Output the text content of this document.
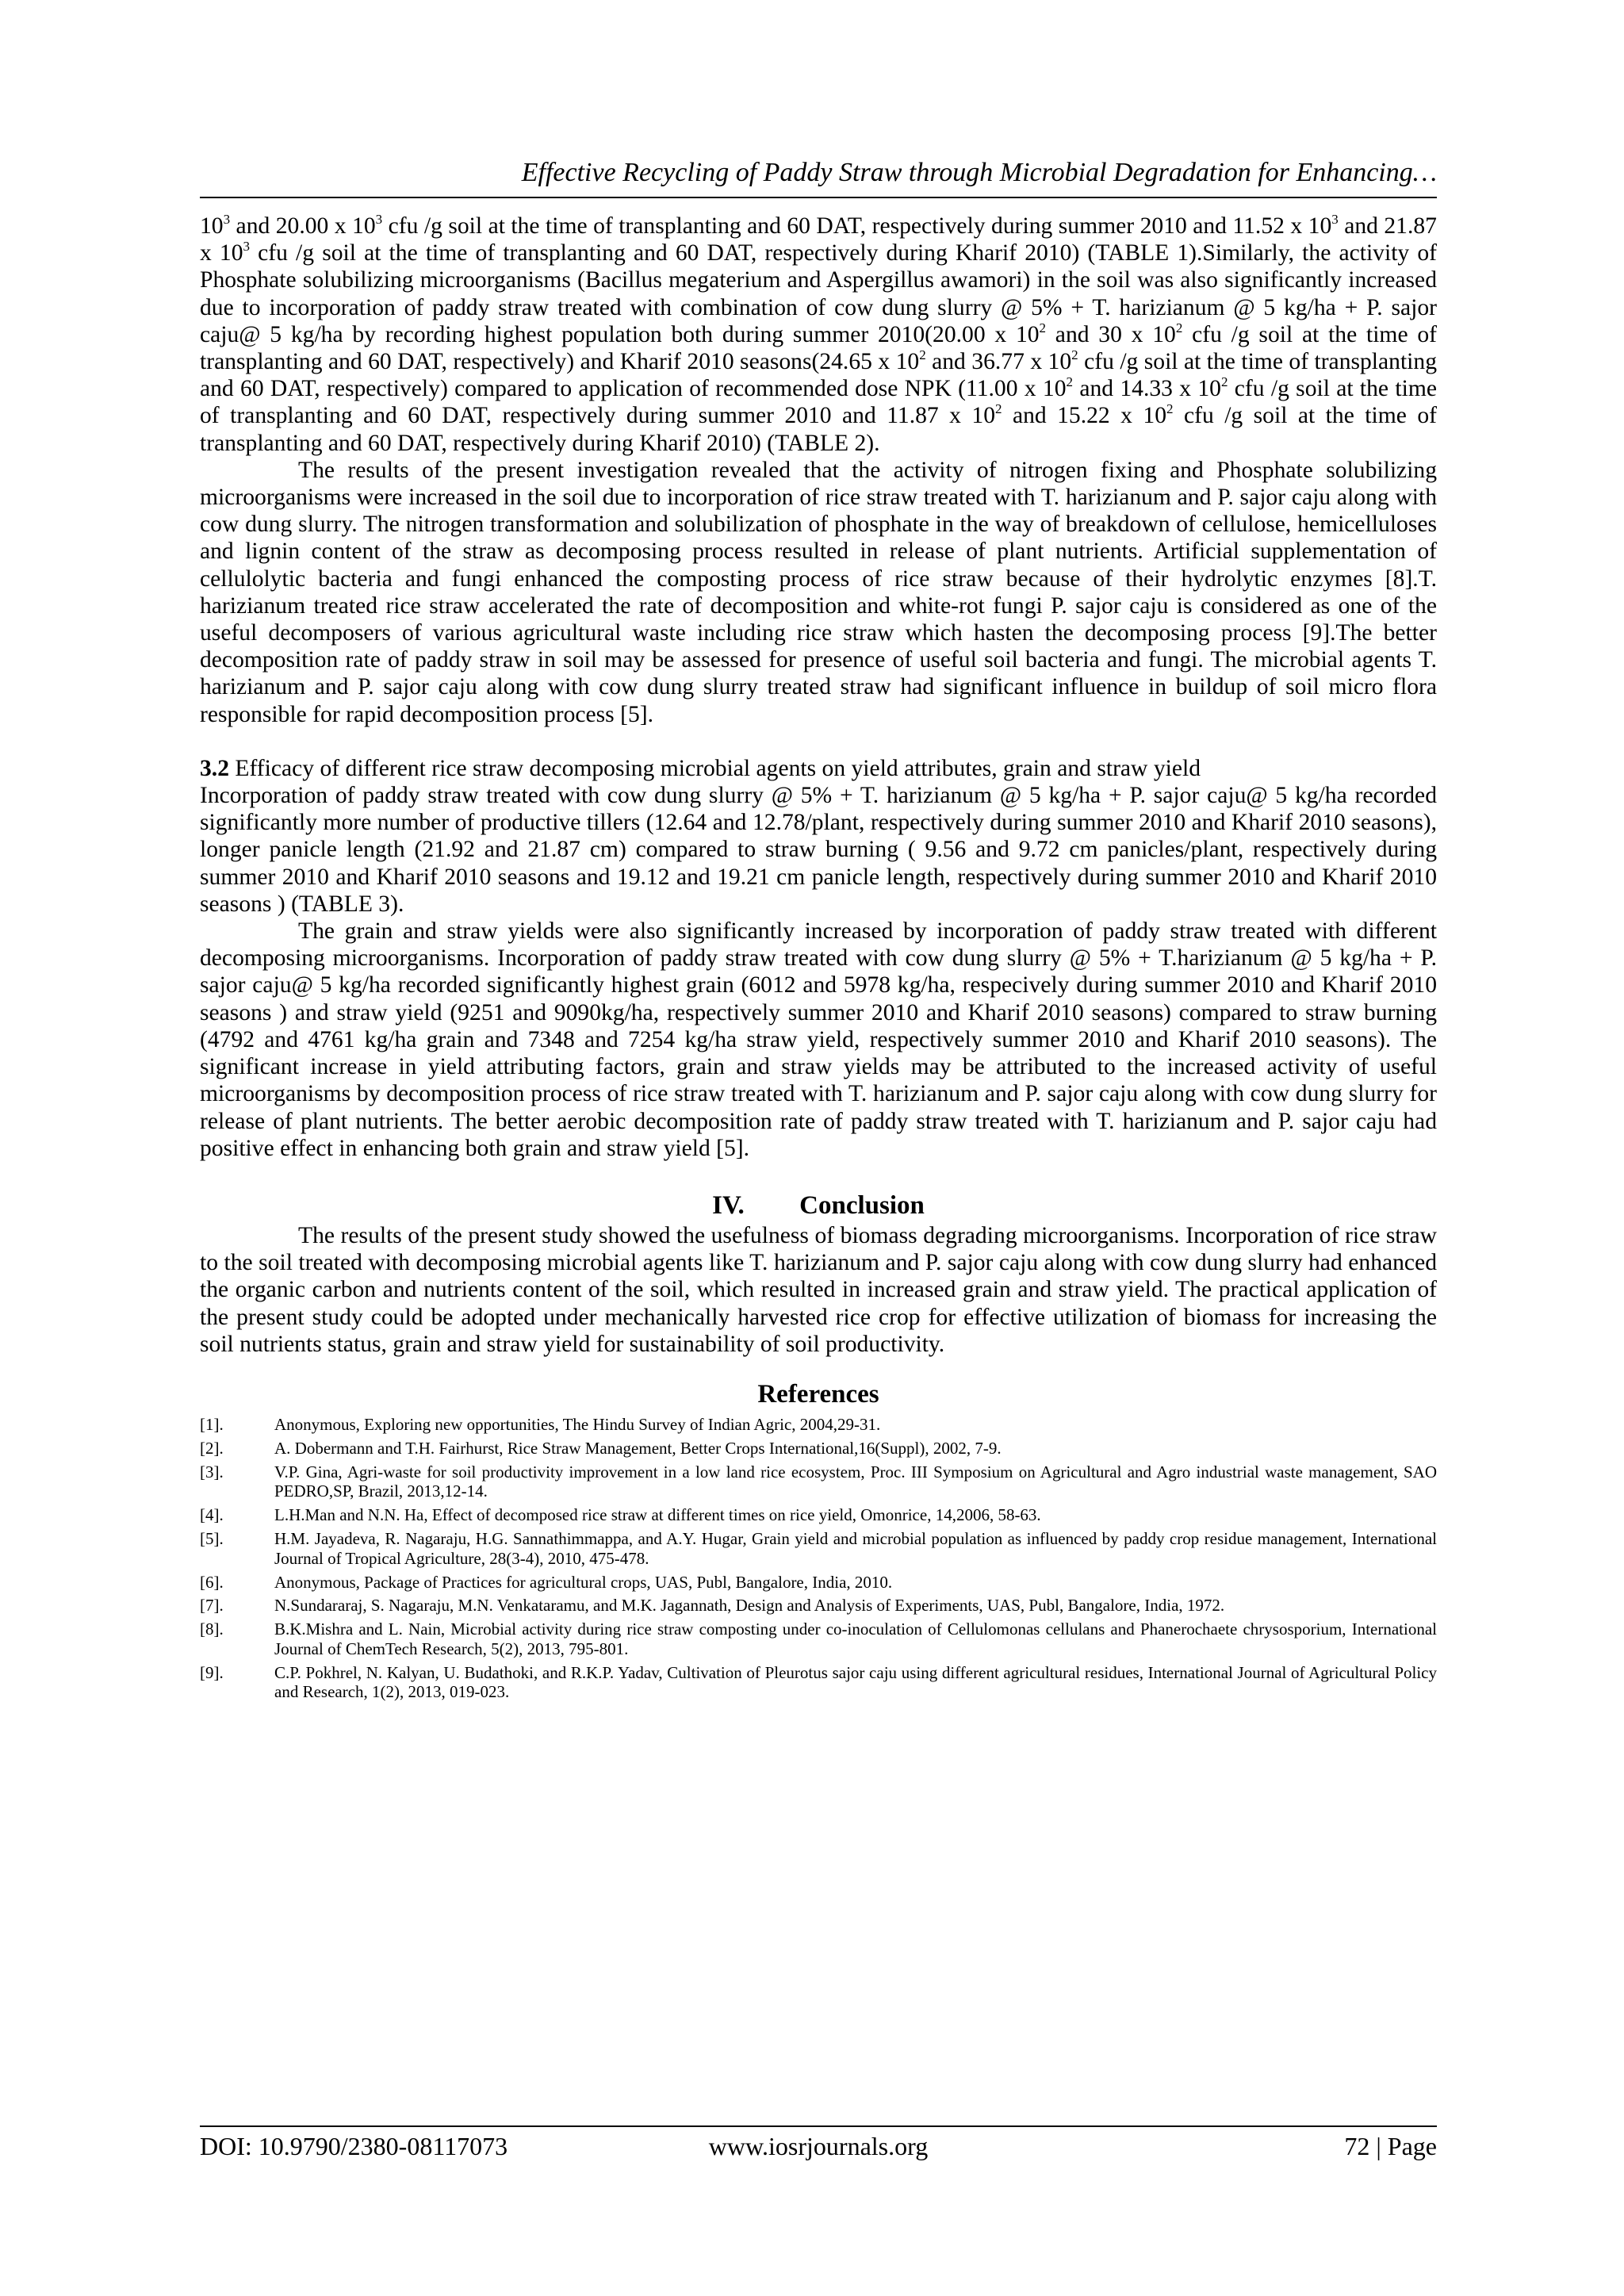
Effective Recycling of Paddy Straw through Microbial Degradation for Enhancing…

$10^3$ and 20.00 x $10^3$ cfu /g soil at the time of transplanting and 60 DAT, respectively during summer 2010 and 11.52 x $10^3$ and 21.87 x $10^3$ cfu /g soil at the time of transplanting and 60 DAT, respectively during Kharif 2010) (TABLE 1).Similarly, the activity of Phosphate solubilizing microorganisms (Bacillus megaterium and Aspergillus awamori) in the soil was also significantly increased due to incorporation of paddy straw treated with combination of cow dung slurry @ 5% + T. harizianum @ 5 kg/ha + P. sajor caju@ 5 kg/ha by recording highest population both during summer 2010(20.00 x $10^2$ and 30 x $10^2$ cfu /g soil at the time of transplanting and 60 DAT, respectively) and Kharif 2010 seasons(24.65 x $10^2$ and 36.77 x $10^2$ cfu /g soil at the time of transplanting and 60 DAT, respectively) compared to application of recommended dose NPK (11.00 x $10^2$ and 14.33 x $10^2$ cfu /g soil at the time of transplanting and 60 DAT, respectively during summer 2010 and 11.87 x $10^2$ and 15.22 x $10^2$ cfu /g soil at the time of transplanting and 60 DAT, respectively during Kharif 2010) (TABLE 2).

The results of the present investigation revealed that the activity of nitrogen fixing and Phosphate solubilizing microorganisms were increased in the soil due to incorporation of rice straw treated with T. harizianum and P. sajor caju along with cow dung slurry. The nitrogen transformation and solubilization of phosphate in the way of breakdown of cellulose, hemicelluloses and lignin content of the straw as decomposing process resulted in release of plant nutrients. Artificial supplementation of cellulolytic bacteria and fungi enhanced the composting process of rice straw because of their hydrolytic enzymes [8].T. harizianum treated rice straw accelerated the rate of decomposition and white-rot fungi P. sajor caju is considered as one of the useful decomposers of various agricultural waste including rice straw which hasten the decomposing process [9].The better decomposition rate of paddy straw in soil may be assessed for presence of useful soil bacteria and fungi. The microbial agents T. harizianum and P. sajor caju along with cow dung slurry treated straw had significant influence in buildup of soil micro flora responsible for rapid decomposition process [5].

3.2 Efficacy of different rice straw decomposing microbial agents on yield attributes, grain and straw yield

Incorporation of paddy straw treated with cow dung slurry @ 5% + T. harizianum @ 5 kg/ha + P. sajor caju@ 5 kg/ha recorded significantly more number of productive tillers (12.64 and 12.78/plant, respectively during summer 2010 and Kharif 2010 seasons), longer panicle length (21.92 and 21.87 cm) compared to straw burning ( 9.56 and 9.72 cm panicles/plant, respectively during summer 2010 and Kharif 2010 seasons and 19.12 and 19.21 cm panicle length, respectively during summer 2010 and Kharif 2010 seasons ) (TABLE 3).

The grain and straw yields were also significantly increased by incorporation of paddy straw treated with different decomposing microorganisms. Incorporation of paddy straw treated with cow dung slurry @ 5% + T.harizianum @ 5 kg/ha + P. sajor caju@ 5 kg/ha recorded significantly highest grain (6012 and 5978 kg/ha, respecively during summer 2010 and Kharif 2010 seasons ) and straw yield (9251 and 9090kg/ha, respectively summer 2010 and Kharif 2010 seasons) compared to straw burning (4792 and 4761 kg/ha grain and 7348 and 7254 kg/ha straw yield, respectively summer 2010 and Kharif 2010 seasons). The significant increase in yield attributing factors, grain and straw yields may be attributed to the increased activity of useful microorganisms by decomposition process of rice straw treated with T. harizianum and P. sajor caju along with cow dung slurry for release of plant nutrients. The better aerobic decomposition rate of paddy straw treated with T. harizianum and P. sajor caju had positive effect in enhancing both grain and straw yield [5].

IV. Conclusion

The results of the present study showed the usefulness of biomass degrading microorganisms. Incorporation of rice straw to the soil treated with decomposing microbial agents like T. harizianum and P. sajor caju along with cow dung slurry had enhanced the organic carbon and nutrients content of the soil, which resulted in increased grain and straw yield. The practical application of the present study could be adopted under mechanically harvested rice crop for effective utilization of biomass for increasing the soil nutrients status, grain and straw yield for sustainability of soil productivity.

References
[1].	Anonymous, Exploring new opportunities, The Hindu Survey of Indian Agric, 2004,29-31.
[2].	A. Dobermann and T.H. Fairhurst, Rice Straw Management, Better Crops International,16(Suppl), 2002, 7-9.
[3].	V.P. Gina, Agri-waste for soil productivity improvement in a low land rice ecosystem, Proc. III Symposium on Agricultural and Agro industrial waste management, SAO PEDRO,SP, Brazil, 2013,12-14.
[4].	L.H.Man and N.N. Ha, Effect of decomposed rice straw at different times on rice yield, Omonrice, 14,2006, 58-63.
[5].	H.M. Jayadeva, R. Nagaraju, H.G. Sannathimmappa, and A.Y. Hugar, Grain yield and microbial population as influenced by paddy crop residue management, International Journal of Tropical Agriculture, 28(3-4), 2010, 475-478.
[6].	Anonymous, Package of Practices for agricultural crops, UAS, Publ, Bangalore, India, 2010.
[7].	N.Sundararaj, S. Nagaraju, M.N. Venkataramu, and M.K. Jagannath, Design and Analysis of Experiments, UAS, Publ, Bangalore, India, 1972.
[8].	B.K.Mishra and L. Nain, Microbial activity during rice straw composting under co-inoculation of Cellulomonas cellulans and Phanerochaete chrysosporium, International Journal of ChemTech Research, 5(2), 2013, 795-801.
[9].	C.P. Pokhrel, N. Kalyan, U. Budathoki, and R.K.P. Yadav, Cultivation of Pleurotus sajor caju using different agricultural residues, International Journal of Agricultural Policy and Research, 1(2), 2013, 019-023.
DOI: 10.9790/2380-08117073	www.iosrjournals.org	72 | Page
